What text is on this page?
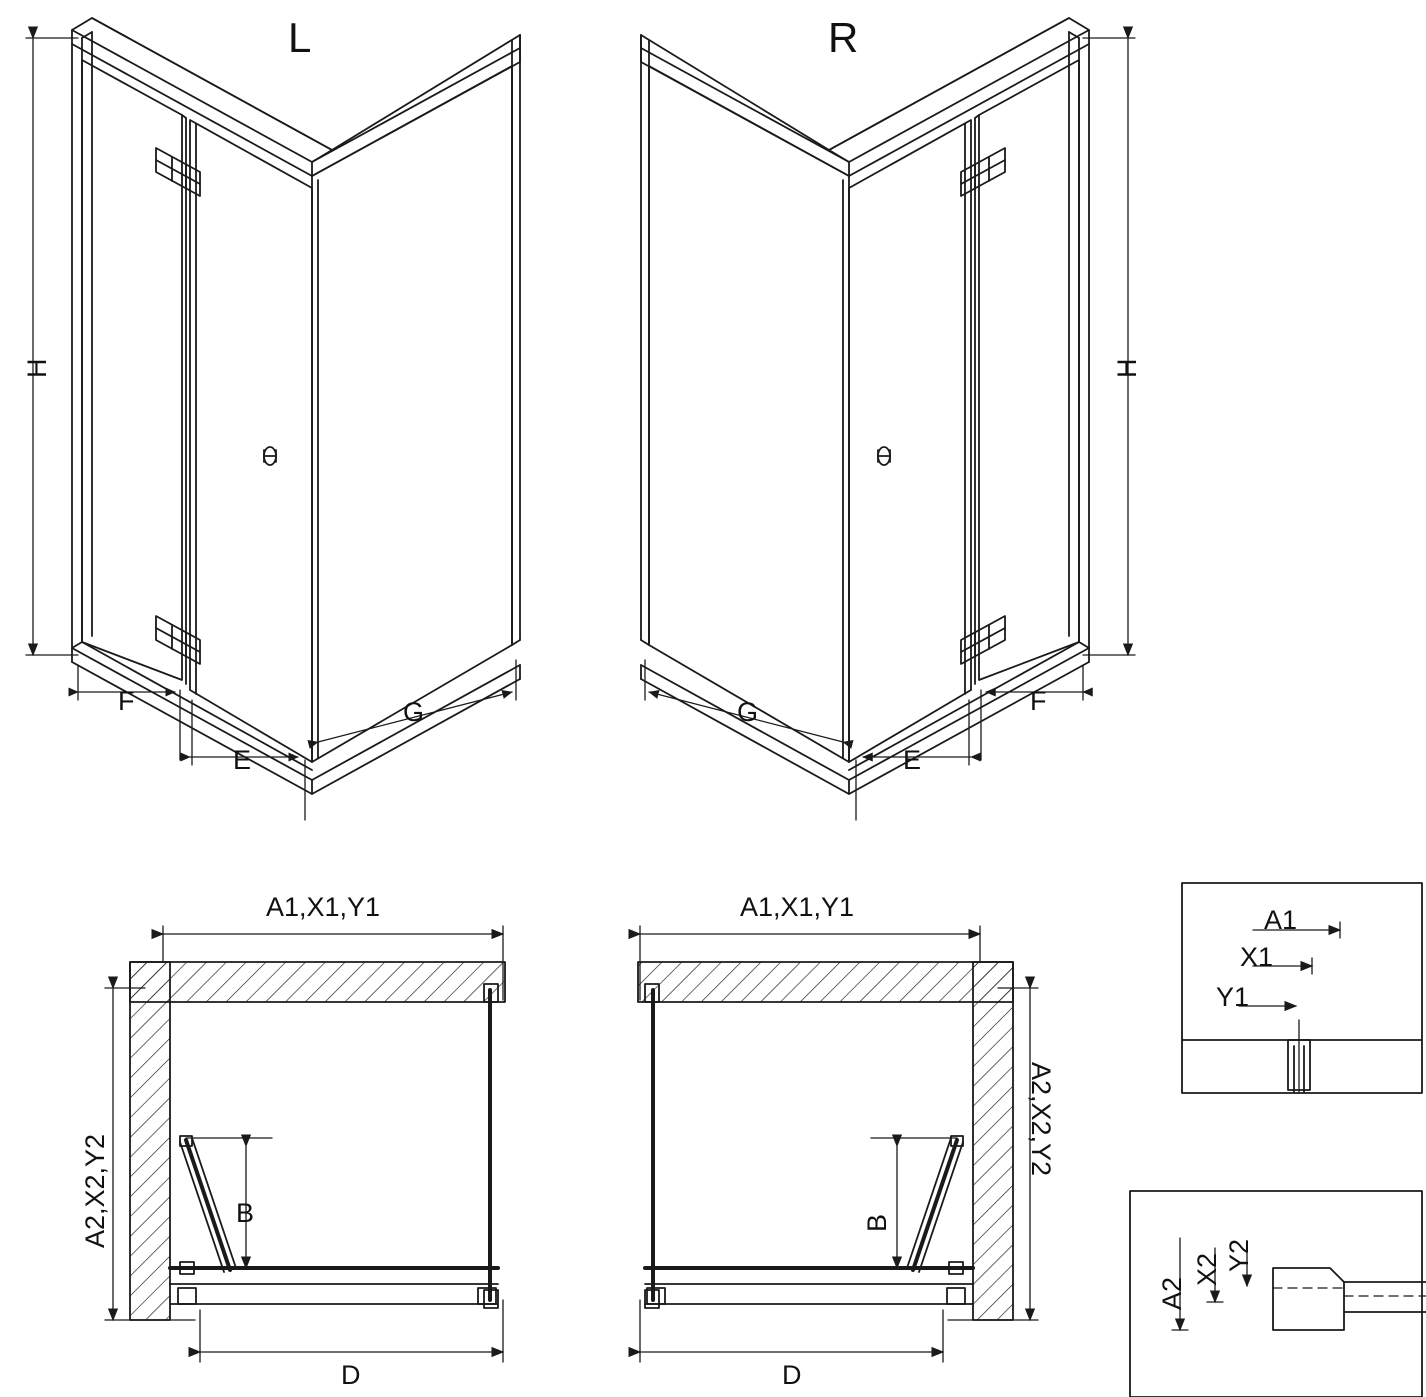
L	R
H	H
F
E
G	F
E
G
A1,X1,Y1	A1,X1,Y1
A2,X2,Y2
A2,X2,Y2
B	B
D	D
A1
X1
Y1
A2
X2 Y2
